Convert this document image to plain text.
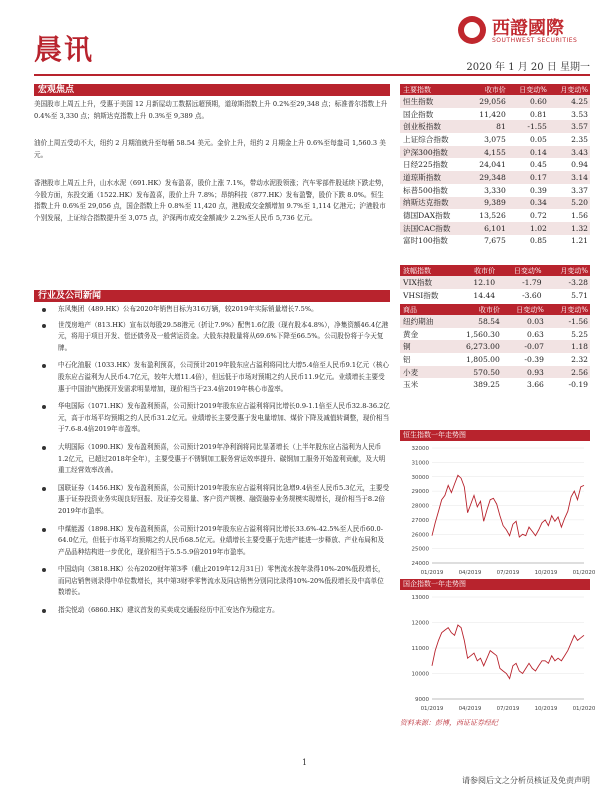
晨讯
西證國際
SOUTHWEST SECURITIES
2020 年 1 月 20 日 星期一
宏观焦点

美国股市上周五上升，受惠于美国 12 月新屋动工数据远超预期，道琼斯指数上升 0.2%至29,348 点；标准普尔指数上升 0.4%至 3,330 点；纳斯达克指数上升 0.3%至 9,389 点。

油价上周五受动不大，纽约 2 月期油就升至每桶 58.54 美元。金价上升，纽约 2 月期金上升 0.6%至每盎司 1,560.3 美元。

香港股市上周五上升，山水水泥（691.HK）发布盈喜，股价上涨 7.1%，带动水泥股领涨；汽车零部件股延续下跌走势，今股方面，东投交通（1522.HK）发布盈喜，股价上升 7.8%；昂纳科技（877.HK）发布盈警，股价下跌 8.0%。恒生指数上升 0.6%至 29,056 点，国企指数上升 0.8%至 11,420 点，港股成交金额增加 9.7%至 1,114 亿港元；沪港股市个别发展，上证综合指数提升至 3,075 点，沪深两市成交金额减少 2.2%至人民币 5,736 亿元。

行业及公司新闻
东风集团（489.HK）公布2020年销售目标为316万辆，较2019年实际销量增长7.5%。
世茂房地产（813.HK）宣布以每股29.58港元（折让7.9%）配售1.6亿股（现有股本4.8%），净集资额46.4亿港元，将用于项目开发、偿还债务及一般营运资金。大股东持股量将从69.6%下降至66.5%。公司股份将于今天复牌。
中石化油服（1033.HK）发布盈利预喜，公司预计2019年股东应占溢利将同比大增5.4倍至人民币9.1亿元（核心股东应占溢利为人民币4.7亿元，较年大增11.4倍），但远低于市场对预期之约人民币11.9亿元。业绩增长主要受惠于中国油气勘探开发需求明显增加，现价相当于23.4倍2019年核心市盈率。
华电国际（1071.HK）发布盈利预喜，公司预计2019年股东应占溢利将同比增长0.9-1.1倍至人民币32.8-36.2亿元，高于市场平均预期之约人民币31.2亿元。业绩增长主要受惠于发电量增加、煤价下降及减值转调整，现价相当于7.6-8.4倍2019年市盈率。
大明国际（1090.HK）发布盈利预喜，公司预计2019年净利润将同比显著增长（上半年股东应占溢利为人民币1.2亿元，已超过2018年全年），主要受惠于不锈钢加工服务营运效率提升、碳钢加工服务开始盈利贡献，及大明重工经营效率改善。
国联证券（1456.HK）发布盈利预喜，公司预计2019年股东应占溢利将同比急增9.4倍至人民币5.3亿元，主要受惠于证券投资业务实现良好回报、及证券交易量、客户资产规模、融资融券业务规模实现增长，现价相当于8.2倍2019年市盈率。
中煤能源（1898.HK）发布盈利预喜，公司预计2019年股东应占溢利将同比增长33.6%-42.5%至人民币60.0-64.0亿元，但低于市场平均预期之约人民币68.5亿元。业绩增长主要受惠于先进产能进一步释放、产业布局和及产品品种结构进一步优化，现价相当于5.5-5.9倍2019年市盈率。
中国动向（3818.HK）公布2020财年第3季（截止2019年12月31日）零售流水按年录得10%-20%低段增长，而同店销售则录得中单位数增长，其中第3财季零售流水及同店销售分别同比录得10%-20%低段增长及中高单位数增长。
指尖悦动（6860.HK）建议首发的买卖成交通报经历中汇安达作为稳定方。
主要指数	收市价	日变动%	月变动%
恒生指数	29,056	0.60	4.25
国企指数	11,420	0.81	3.53
创业板指数	81	-1.55	3.57
上证综合指数	3,075	0.05	2.35
沪深300指数	4,155	0.14	3.43
日经225指数	24,041	0.45	0.94
道琼斯指数	29,348	0.17	3.14
标普500指数	3,330	0.39	3.37
纳斯达克指数	9,389	0.34	5.20
德国DAX指数	13,526	0.72	1.56
法国CAC指数	6,101	1.02	1.32
富时100指数	7,675	0.85	1.21
波幅指数	收市价	日变动%	月变动%
VIX指数	12.10	-1.79	-3.28
VHSI指数	14.44	-3.60	5.71
商品	收市价	日变动%	月变动%
纽约期油	58.54	0.03	-1.56
黄金	1,560.30	0.63	5.25
铜	6,273.00	-0.07	1.18
铝	1,805.00	-0.39	2.32
小麦	570.50	0.93	2.56
玉米	389.25	3.66	-0.19
恒生指数一年走势图
24000
25000
26000
27000
28000
29000
30000
31000
32000
01/2019	04/2019	07/2019	10/2019	01/2020
国企指数一年走势图
9000
10000
11000
12000
13000
01/2019	04/2019	07/2019	10/2019	01/2020
资料来源：彭博，西证证券经纪
1
请参阅后文之分析员核证及免责声明
